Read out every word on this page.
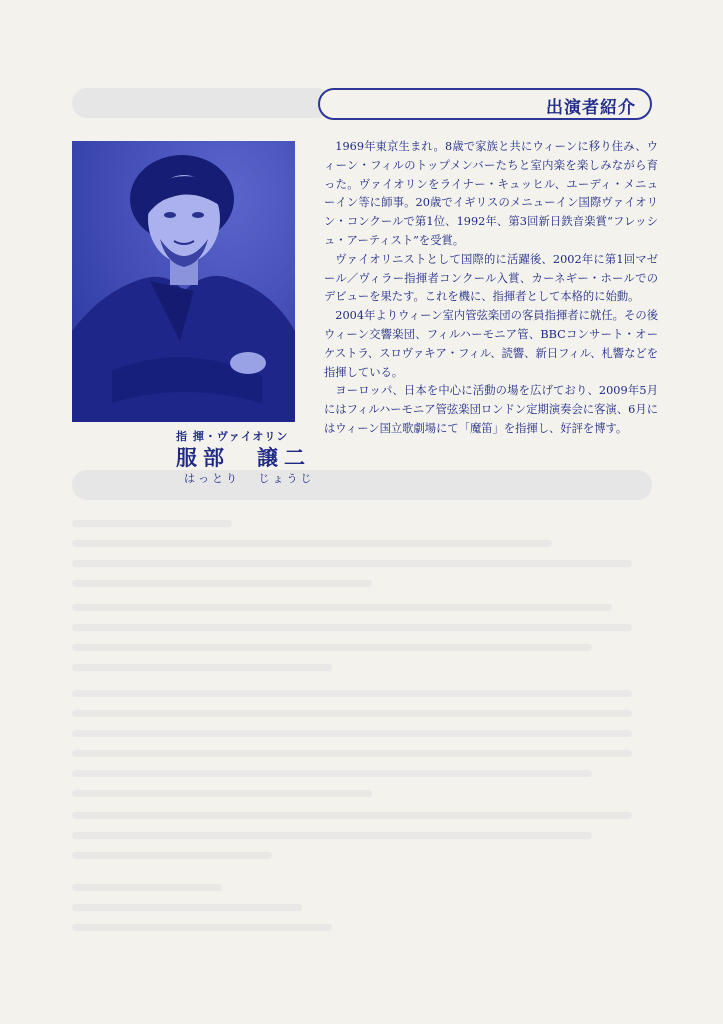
出演者紹介
指 揮・ヴァイオリン
服部　譲二
はっとり じょうじ

1969年東京生まれ。8歳で家族と共にウィーンに移り住み、ウィーン・フィルのトップメンバーたちと室内楽を楽しみながら育った。ヴァイオリンをライナー・キュッヒル、ユーディ・メニューイン等に師事。20歳でイギリスのメニューイン国際ヴァイオリン・コンクールで第1位、1992年、第3回新日鉄音楽賞“フレッシュ・アーティスト”を受賞。

ヴァイオリニストとして国際的に活躍後、2002年に第1回マゼール／ヴィラー指揮者コンクール入賞、カーネギー・ホールでのデビューを果たす。これを機に、指揮者として本格的に始動。

2004年よりウィーン室内管弦楽団の客員指揮者に就任。その後ウィーン交響楽団、フィルハーモニア管、BBCコンサート・オーケストラ、スロヴァキア・フィル、読響、新日フィル、札響などを指揮している。

ヨーロッパ、日本を中心に活動の場を広げており、2009年5月にはフィルハーモニア管弦楽団ロンドン定期演奏会に客演、6月にはウィーン国立歌劇場にて「魔笛」を指揮し、好評を博す。
